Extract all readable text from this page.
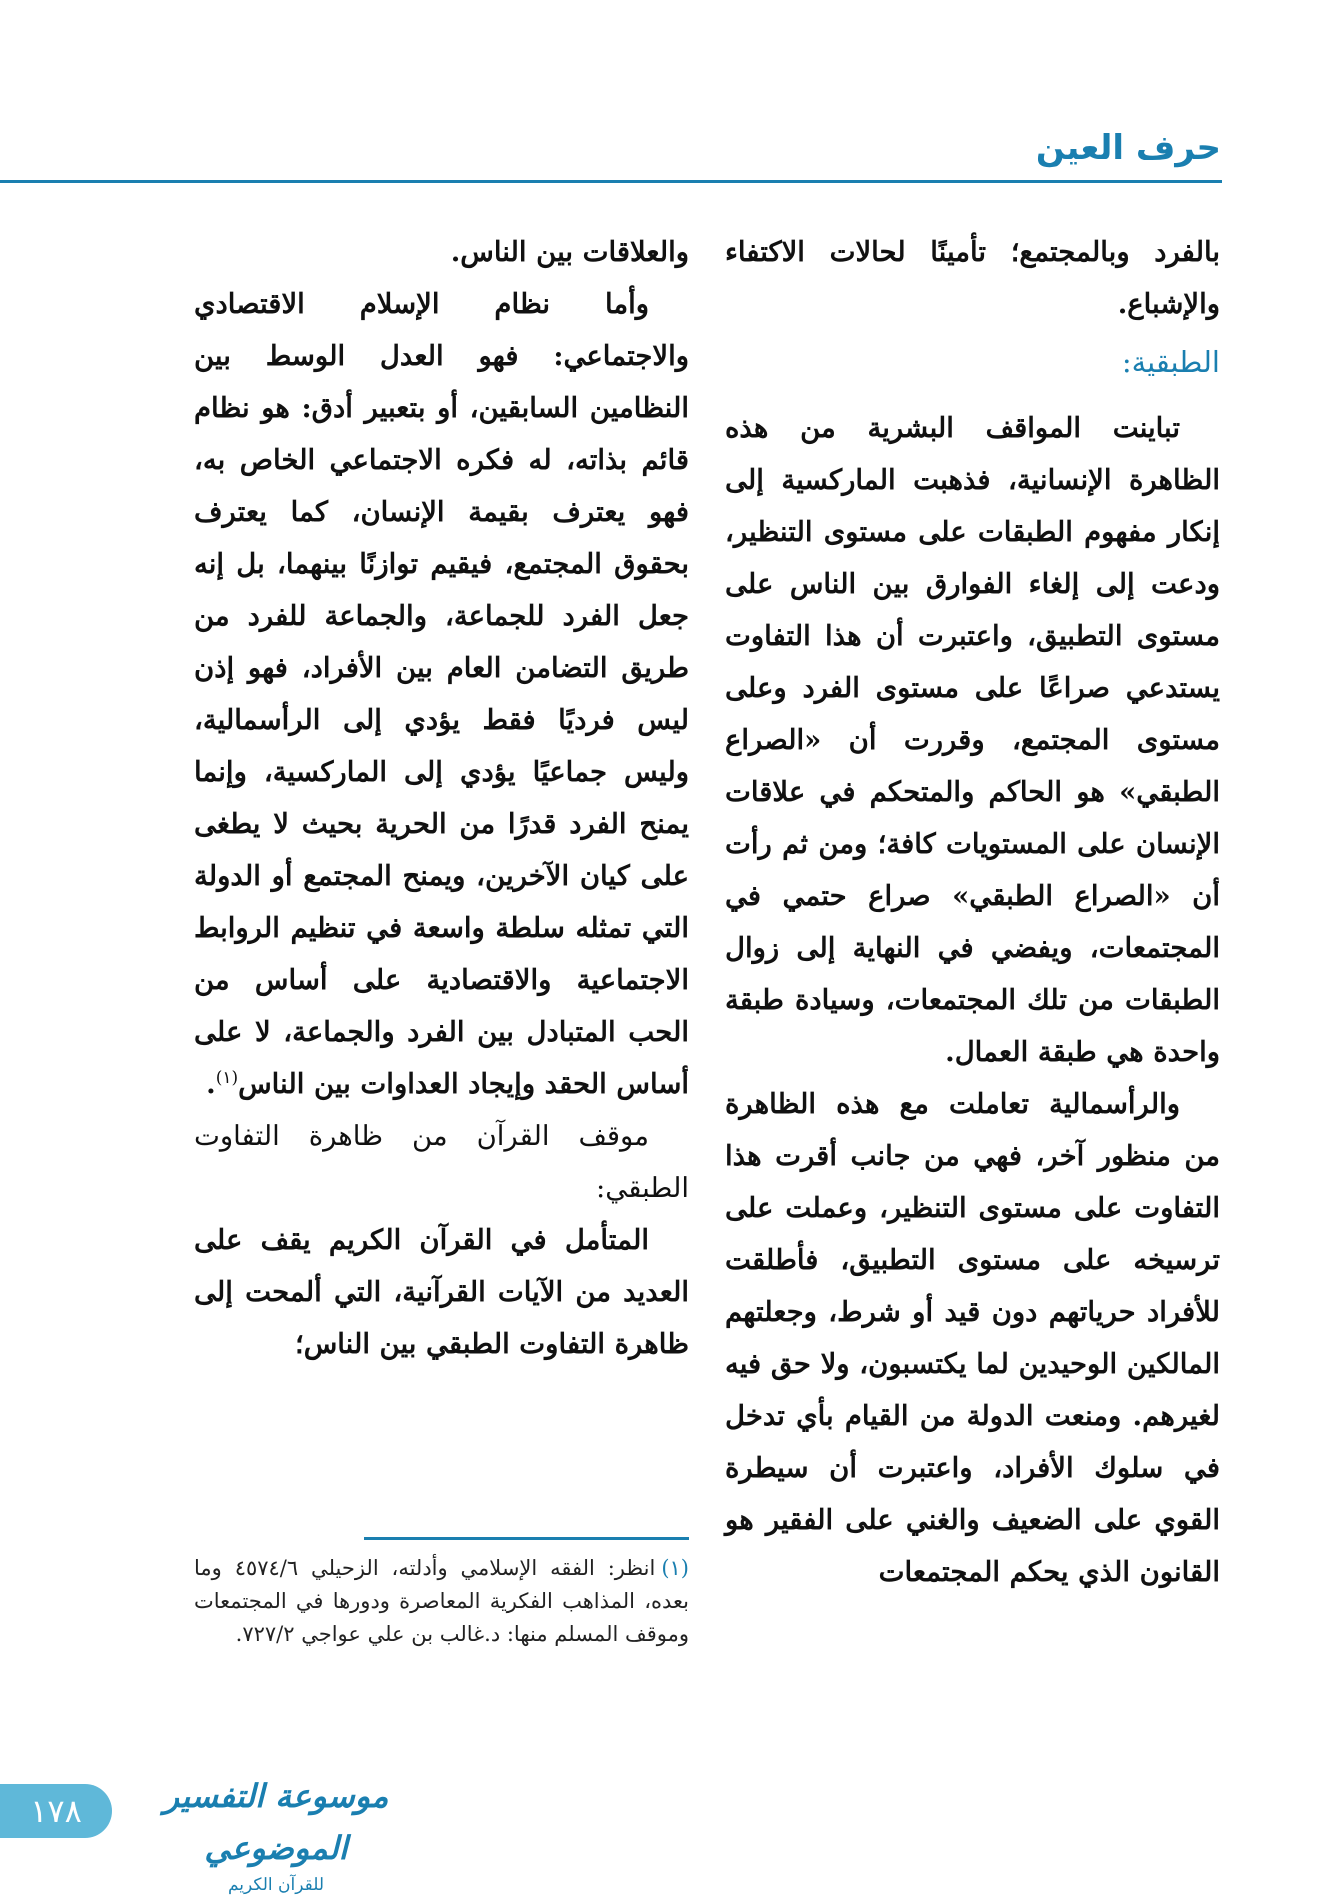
حرف العين

بالفرد وبالمجتمع؛ تأمينًا لحالات الاكتفاء والإشباع.

الطبقية:

تباينت المواقف البشرية من هذه الظاهرة الإنسانية، فذهبت الماركسية إلى إنكار مفهوم الطبقات على مستوى التنظير، ودعت إلى إلغاء الفوارق بين الناس على مستوى التطبيق، واعتبرت أن هذا التفاوت يستدعي صراعًا على مستوى الفرد وعلى مستوى المجتمع، وقررت أن «الصراع الطبقي» هو الحاكم والمتحكم في علاقات الإنسان على المستويات كافة؛ ومن ثم رأت أن «الصراع الطبقي» صراع حتمي في المجتمعات، ويفضي في النهاية إلى زوال الطبقات من تلك المجتمعات، وسيادة طبقة واحدة هي طبقة العمال.

والرأسمالية تعاملت مع هذه الظاهرة من منظور آخر، فهي من جانب أقرت هذا التفاوت على مستوى التنظير، وعملت على ترسيخه على مستوى التطبيق، فأطلقت للأفراد حرياتهم دون قيد أو شرط، وجعلتهم المالكين الوحيدين لما يكتسبون، ولا حق فيه لغيرهم. ومنعت الدولة من القيام بأي تدخل في سلوك الأفراد، واعتبرت أن سيطرة القوي على الضعيف والغني على الفقير هو القانون الذي يحكم المجتمعات

والعلاقات بين الناس.

وأما نظام الإسلام الاقتصادي والاجتماعي: فهو العدل الوسط بين النظامين السابقين، أو بتعبير أدق: هو نظام قائم بذاته، له فكره الاجتماعي الخاص به، فهو يعترف بقيمة الإنسان، كما يعترف بحقوق المجتمع، فيقيم توازنًا بينهما، بل إنه جعل الفرد للجماعة، والجماعة للفرد من طريق التضامن العام بين الأفراد، فهو إذن ليس فرديًا فقط يؤدي إلى الرأسمالية، وليس جماعيًا يؤدي إلى الماركسية، وإنما يمنح الفرد قدرًا من الحرية بحيث لا يطغى على كيان الآخرين، ويمنح المجتمع أو الدولة التي تمثله سلطة واسعة في تنظيم الروابط الاجتماعية والاقتصادية على أساس من الحب المتبادل بين الفرد والجماعة، لا على أساس الحقد وإيجاد العداوات بين الناس$^{(١)}$.

موقف القرآن من ظاهرة التفاوت الطبقي:

المتأمل في القرآن الكريم يقف على العديد من الآيات القرآنية، التي ألمحت إلى ظاهرة التفاوت الطبقي بين الناس؛

(١)انظر: الفقه الإسلامي وأدلته، الزحيلي ٤٥٧٤/٦ وما بعده، المذاهب الفكرية المعاصرة ودورها في المجتمعات وموقف المسلم منها: د.غالب بن علي عواجي ٧٢٧/٢.
١٧٨	موسوعة التفسير الموضوعي
للقرآن الكريم
